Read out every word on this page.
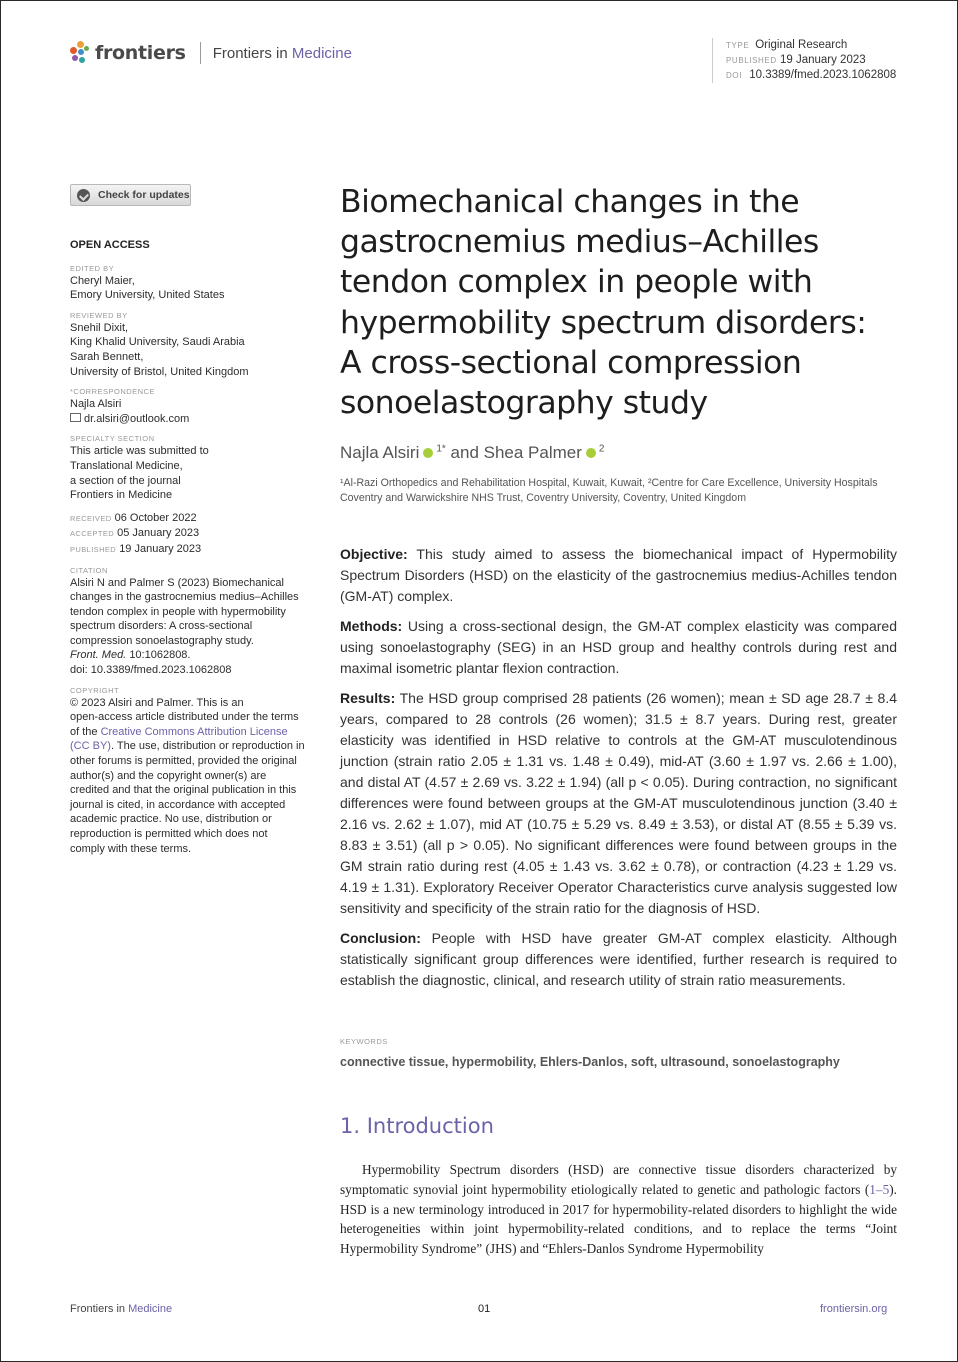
frontiers Frontiers in Medicine	TYPE Original Research
PUBLISHED 19 January 2023
DOI 10.3389/fmed.2023.1062808
Check for updates
OPEN ACCESS
EDITED BY
Cheryl Maier,
Emory University, United States
REVIEWED BY
Snehil Dixit,
King Khalid University, Saudi Arabia
Sarah Bennett,
University of Bristol, United Kingdom
*CORRESPONDENCE
Najla Alsiri
dr.alsiri@outlook.com
SPECIALTY SECTION
This article was submitted to
Translational Medicine,
a section of the journal
Frontiers in Medicine
RECEIVED 06 October 2022
ACCEPTED 05 January 2023
PUBLISHED 19 January 2023
CITATION
Alsiri N and Palmer S (2023) Biomechanical
changes in the gastrocnemius medius–Achilles
tendon complex in people with hypermobility
spectrum disorders: A cross-sectional
compression sonoelastography study.
Front. Med. 10:1062808.
doi: 10.3389/fmed.2023.1062808
COPYRIGHT
© 2023 Alsiri and Palmer. This is an
open-access article distributed under the terms
of the Creative Commons Attribution License
(CC BY). The use, distribution or reproduction in
other forums is permitted, provided the original
author(s) and the copyright owner(s) are
credited and that the original publication in this
journal is cited, in accordance with accepted
academic practice. No use, distribution or
reproduction is permitted which does not
comply with these terms.
Biomechanical changes in the
gastrocnemius medius–Achilles
tendon complex in people with
hypermobility spectrum disorders:
A cross-sectional compression
sonoelastography study
Najla Alsiri $^{1*}$ and Shea Palmer $^2$
¹Al-Razi Orthopedics and Rehabilitation Hospital, Kuwait, Kuwait, ²Centre for Care Excellence, University Hospitals Coventry and Warwickshire NHS Trust, Coventry University, Coventry, United Kingdom

Objective: This study aimed to assess the biomechanical impact of Hypermobility Spectrum Disorders (HSD) on the elasticity of the gastrocnemius medius-Achilles tendon (GM-AT) complex.

Methods: Using a cross-sectional design, the GM-AT complex elasticity was compared using sonoelastography (SEG) in an HSD group and healthy controls during rest and maximal isometric plantar flexion contraction.

Results: The HSD group comprised 28 patients (26 women); mean ± SD age 28.7 ± 8.4 years, compared to 28 controls (26 women); 31.5 ± 8.7 years. During rest, greater elasticity was identified in HSD relative to controls at the GM-AT musculotendinous junction (strain ratio 2.05 ± 1.31 vs. 1.48 ± 0.49), mid-AT (3.60 ± 1.97 vs. 2.66 ± 1.00), and distal AT (4.57 ± 2.69 vs. 3.22 ± 1.94) (all p < 0.05). During contraction, no significant differences were found between groups at the GM-AT musculotendinous junction (3.40 ± 2.16 vs. 2.62 ± 1.07), mid AT (10.75 ± 5.29 vs. 8.49 ± 3.53), or distal AT (8.55 ± 5.39 vs. 8.83 ± 3.51) (all p > 0.05). No significant differences were found between groups in the GM strain ratio during rest (4.05 ± 1.43 vs. 3.62 ± 0.78), or contraction (4.23 ± 1.29 vs. 4.19 ± 1.31). Exploratory Receiver Operator Characteristics curve analysis suggested low sensitivity and specificity of the strain ratio for the diagnosis of HSD.

Conclusion: People with HSD have greater GM-AT complex elasticity. Although statistically significant group differences were identified, further research is required to establish the diagnostic, clinical, and research utility of strain ratio measurements.

KEYWORDS
connective tissue, hypermobility, Ehlers-Danlos, soft, ultrasound, sonoelastography
1. Introduction
Hypermobility Spectrum disorders (HSD) are connective tissue disorders characterized by symptomatic synovial joint hypermobility etiologically related to genetic and pathologic factors (1–5). HSD is a new terminology introduced in 2017 for hypermobility-related disorders to highlight the wide heterogeneities within joint hypermobility-related conditions, and to replace the terms “Joint Hypermobility Syndrome” (JHS) and “Ehlers-Danlos Syndrome Hypermobility
Frontiers in Medicine	01	frontiersin.org
